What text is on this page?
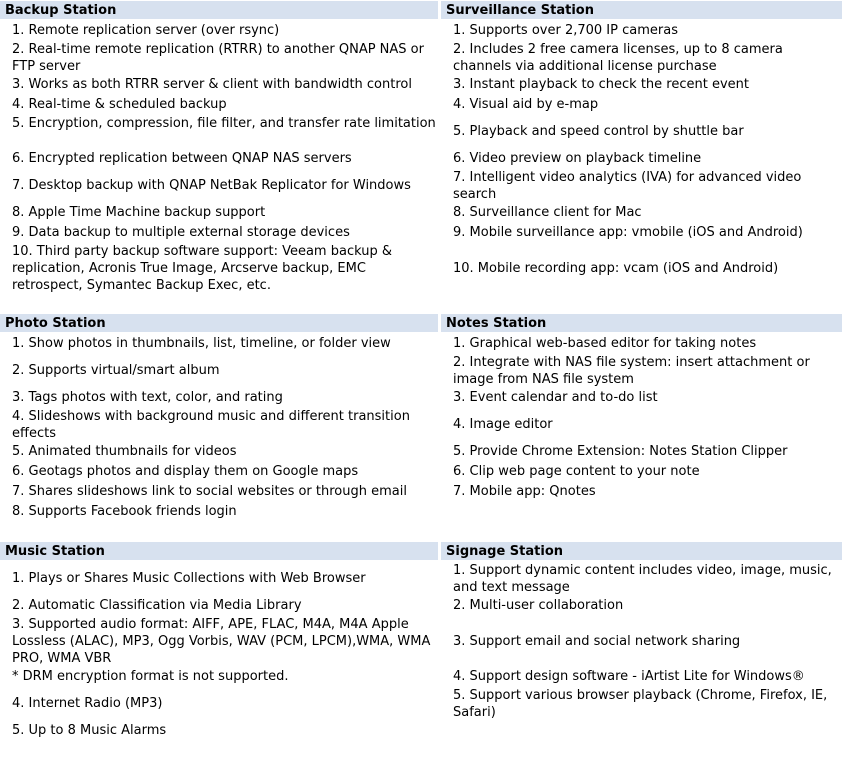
Backup Station
1. Remote replication server (over rsync)
2. Real-time remote replication (RTRR) to another QNAP NAS or FTP server
3. Works as both RTRR server & client with bandwidth control
4. Real-time & scheduled backup
5. Encryption, compression, file filter, and transfer rate limitation
6. Encrypted replication between QNAP NAS servers
7. Desktop backup with QNAP NetBak Replicator for Windows
8. Apple Time Machine backup support
9. Data backup to multiple external storage devices
10. Third party backup software support: Veeam backup & replication, Acronis True Image, Arcserve backup, EMC retrospect, Symantec Backup Exec, etc.
Surveillance Station
1. Supports over 2,700 IP cameras
2. Includes 2 free camera licenses, up to 8 camera channels via additional license purchase
3. Instant playback to check the recent event
4. Visual aid by e-map
5. Playback and speed control by shuttle bar
6. Video preview on playback timeline
7. Intelligent video analytics (IVA) for advanced video search
8. Surveillance client for Mac
9. Mobile surveillance app: vmobile (iOS and Android)
10. Mobile recording app: vcam (iOS and Android)
Photo Station
1. Show photos in thumbnails, list, timeline, or folder view
2. Supports virtual/smart album
3. Tags photos with text, color, and rating
4. Slideshows with background music and different transition effects
5. Animated thumbnails for videos
6. Geotags photos and display them on Google maps
7. Shares slideshows link to social websites or through email
8. Supports Facebook friends login
Notes Station
1. Graphical web-based editor for taking notes
2. Integrate with NAS file system: insert attachment or image from NAS file system
3. Event calendar and to-do list
4. Image editor
5. Provide Chrome Extension: Notes Station Clipper
6. Clip web page content to your note
7. Mobile app: Qnotes
Music Station
1. Plays or Shares Music Collections with Web Browser
2. Automatic Classification via Media Library
3. Supported audio format: AIFF, APE, FLAC, M4A, M4A Apple Lossless (ALAC), MP3, Ogg Vorbis, WAV (PCM, LPCM),WMA, WMA PRO, WMA VBR
* DRM encryption format is not supported.
4. Internet Radio (MP3)
5. Up to 8 Music Alarms
Signage Station
1. Support dynamic content includes video, image, music, and text message
2. Multi-user collaboration
3. Support email and social network sharing
4. Support design software - iArtist Lite for Windows®
5. Support various browser playback (Chrome, Firefox, IE, Safari)
